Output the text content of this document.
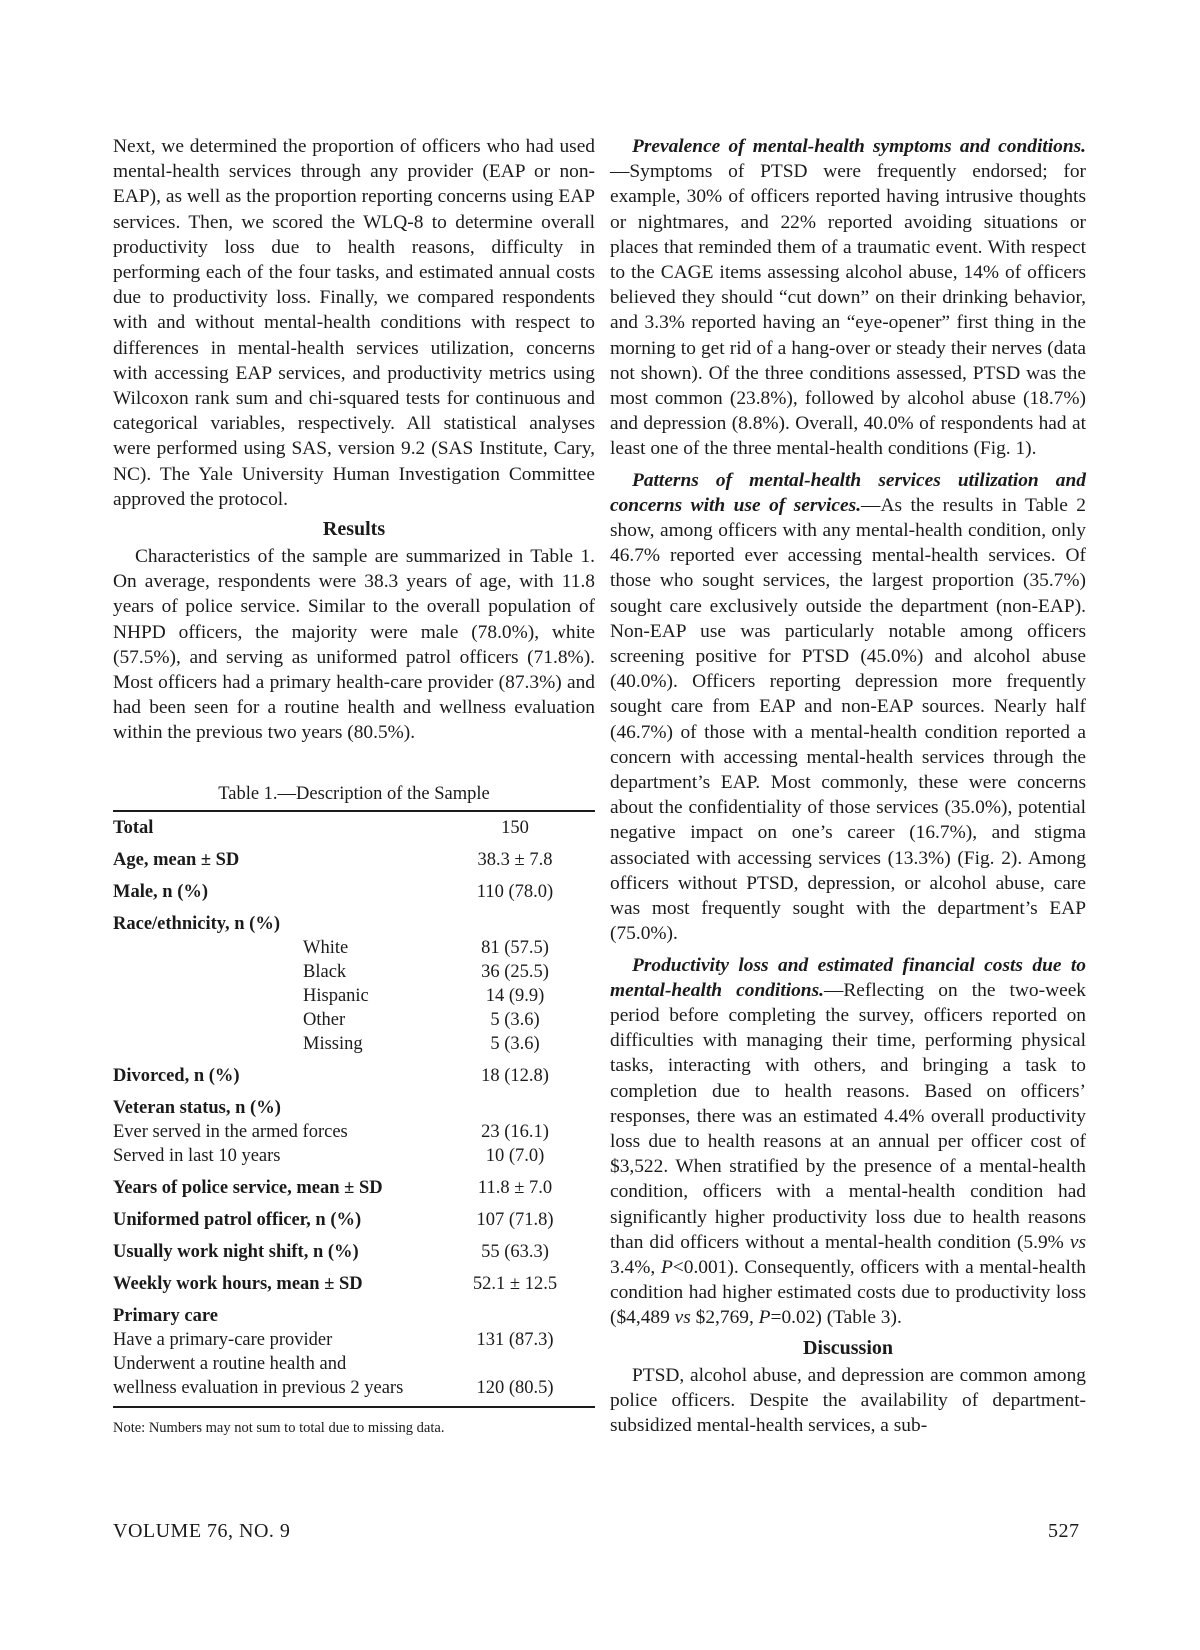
Next, we determined the proportion of officers who had used mental-health services through any provider (EAP or non-EAP), as well as the proportion reporting concerns using EAP services. Then, we scored the WLQ-8 to determine overall productivity loss due to health reasons, difficulty in performing each of the four tasks, and estimated annual costs due to productivity loss. Finally, we compared respondents with and without mental-health conditions with respect to differences in mental-health services utilization, concerns with accessing EAP services, and productivity metrics using Wilcoxon rank sum and chi-squared tests for continuous and categorical variables, respectively. All statistical analyses were performed using SAS, version 9.2 (SAS Institute, Cary, NC). The Yale University Human Investigation Committee approved the protocol.

Results

Characteristics of the sample are summarized in Table 1. On average, respondents were 38.3 years of age, with 11.8 years of police service. Similar to the overall population of NHPD officers, the majority were male (78.0%), white (57.5%), and serving as uniformed patrol officers (71.8%). Most officers had a primary health-care provider (87.3%) and had been seen for a routine health and wellness evaluation within the previous two years (80.5%).

Table 1.—Description of the Sample
Total	150
Age, mean ± SD	38.3 ± 7.8
Male, n (%)	110 (78.0)
Race/ethnicity, n (%)	
White	81 (57.5)
Black	36 (25.5)
Hispanic	14 (9.9)
Other	5 (3.6)
Missing	5 (3.6)
Divorced, n (%)	18 (12.8)
Veteran status, n (%)	
Ever served in the armed forces	23 (16.1)
Served in last 10 years	10 (7.0)
Years of police service, mean ± SD	11.8 ± 7.0
Uniformed patrol officer, n (%)	107 (71.8)
Usually work night shift, n (%)	55 (63.3)
Weekly work hours, mean ± SD	52.1 ± 12.5
Primary care	
Have a primary-care provider	131 (87.3)
Underwent a routine health and	
wellness evaluation in previous 2 years	120 (80.5)
Note: Numbers may not sum to total due to missing data.

Prevalence of mental-health symptoms and conditions.—Symptoms of PTSD were frequently endorsed; for example, 30% of officers reported having intrusive thoughts or nightmares, and 22% reported avoiding situations or places that reminded them of a traumatic event. With respect to the CAGE items assessing alcohol abuse, 14% of officers believed they should “cut down” on their drinking behavior, and 3.3% reported having an “eye-opener” first thing in the morning to get rid of a hang-over or steady their nerves (data not shown). Of the three conditions assessed, PTSD was the most common (23.8%), followed by alcohol abuse (18.7%) and depression (8.8%). Overall, 40.0% of respondents had at least one of the three mental-health conditions (Fig. 1).

Patterns of mental-health services utilization and concerns with use of services.—As the results in Table 2 show, among officers with any mental-health condition, only 46.7% reported ever accessing mental-health services. Of those who sought services, the largest proportion (35.7%) sought care exclusively outside the department (non-EAP). Non-EAP use was particularly notable among officers screening positive for PTSD (45.0%) and alcohol abuse (40.0%). Officers reporting depression more frequently sought care from EAP and non-EAP sources. Nearly half (46.7%) of those with a mental-health condition reported a concern with accessing mental-health services through the department’s EAP. Most commonly, these were concerns about the confidentiality of those services (35.0%), potential negative impact on one’s career (16.7%), and stigma associated with accessing services (13.3%) (Fig. 2). Among officers without PTSD, depression, or alcohol abuse, care was most frequently sought with the department’s EAP (75.0%).

Productivity loss and estimated financial costs due to mental-health conditions.—Reflecting on the two-week period before completing the survey, officers reported on difficulties with managing their time, performing physical tasks, interacting with others, and bringing a task to completion due to health reasons. Based on officers’ responses, there was an estimated 4.4% overall productivity loss due to health reasons at an annual per officer cost of $3,522. When stratified by the presence of a mental-health condition, officers with a mental-health condition had significantly higher productivity loss due to health reasons than did officers without a mental-health condition (5.9% vs 3.4%, P<0.001). Consequently, officers with a mental-health condition had higher estimated costs due to productivity loss ($4,489 vs $2,769, P=0.02) (Table 3).

Discussion

PTSD, alcohol abuse, and depression are common among police officers. Despite the availability of department-subsidized mental-health services, a sub-

VOLUME 76, NO. 9	527
